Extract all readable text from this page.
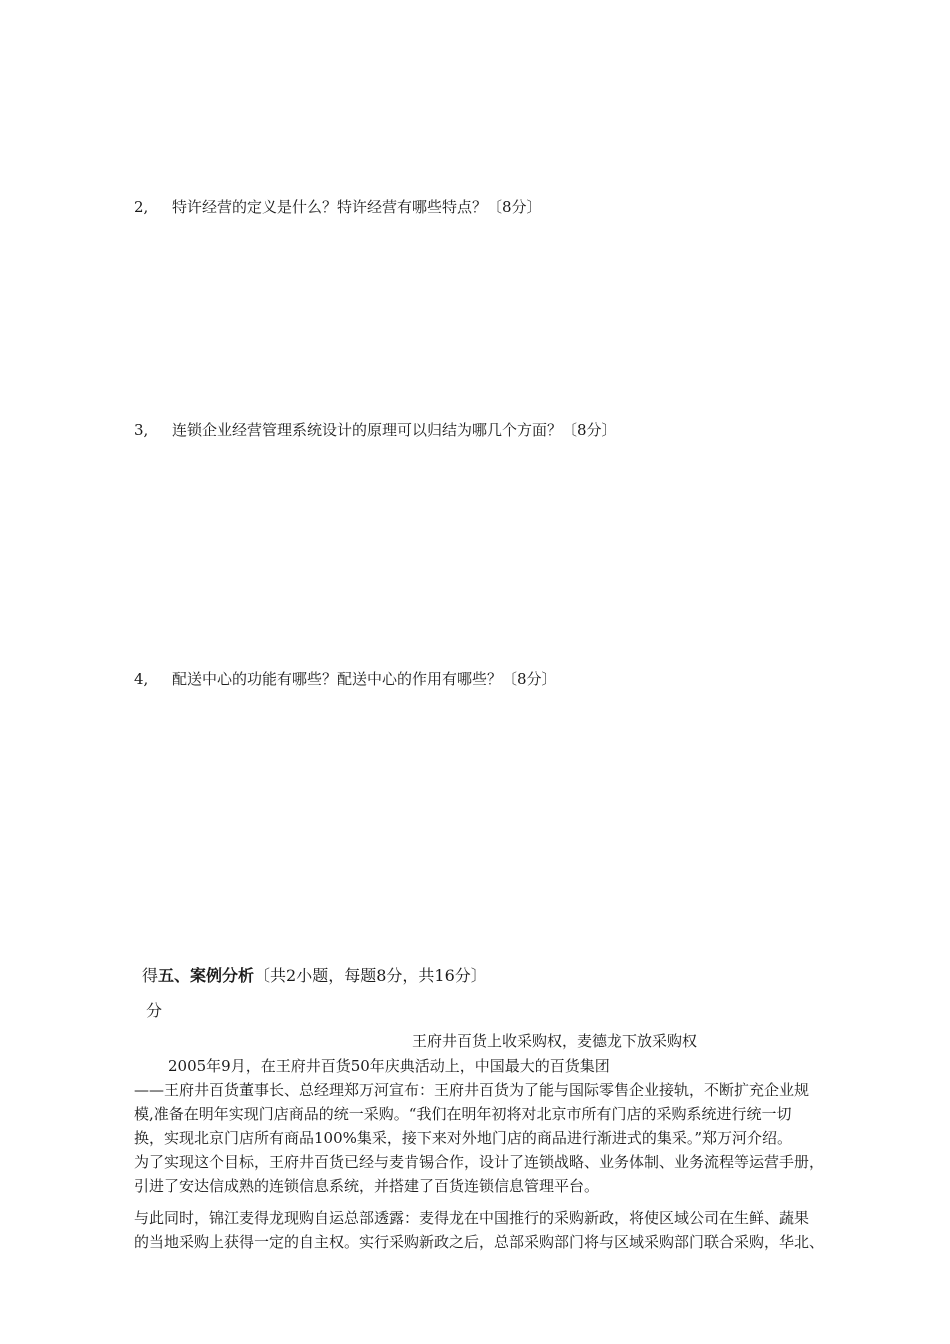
2, 特许经营的定义是什么？特许经营有哪些特点？〔8分〕
3, 连锁企业经营管理系统设计的原理可以归结为哪几个方面？〔8分〕
4, 配送中心的功能有哪些？配送中心的作用有哪些？〔8分〕
得五、案例分析〔共2小题，每题8分，共16分〕
分
王府井百货上收采购权，麦德龙下放采购权
2005年9月，在王府井百货50年庆典活动上，中国最大的百货集团
——王府井百货董事长、总经理郑万河宣布：王府井百货为了能与国际零售企业接轨，不断扩充企业规
模,准备在明年实现门店商品的统一采购。“我们在明年初将对北京市所有门店的采购系统进行统一切
换，实现北京门店所有商品100%集采，接下来对外地门店的商品进行渐进式的集采。”郑万河介绍。
为了实现这个目标，王府井百货已经与麦肯锡合作，设计了连锁战略、业务体制、业务流程等运营手册，
引进了安达信成熟的连锁信息系统，并搭建了百货连锁信息管理平台。
与此同时，锦江麦得龙现购自运总部透露：麦得龙在中国推行的采购新政，将使区域公司在生鲜、蔬果
的当地采购上获得一定的自主权。实行采购新政之后，总部采购部门将与区域采购部门联合采购，华北、
